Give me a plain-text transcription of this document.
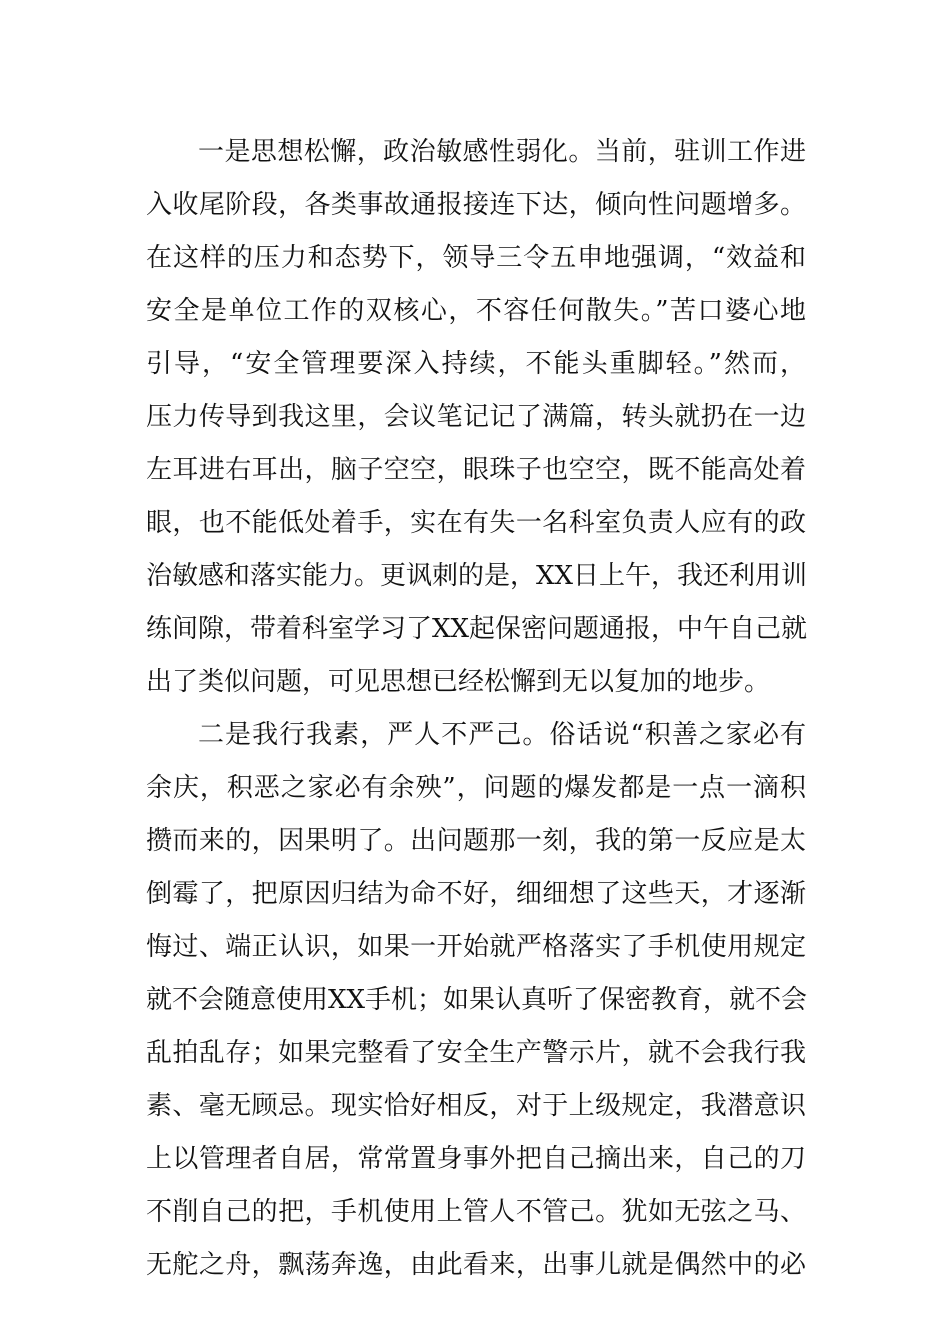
一是思想松懈，政治敏感性弱化。当前，驻训工作进
入收尾阶段，各类事故通报接连下达，倾向性问题增多。
在这样的压力和态势下，领导三令五申地强调，“效益和
安全是单位工作的双核心，不容任何散失。”苦口婆心地
引导，“安全管理要深入持续，不能头重脚轻。”然而，
压力传导到我这里，会议笔记记了满篇，转头就扔在一边
左耳进右耳出，脑子空空，眼珠子也空空，既不能高处着
眼，也不能低处着手，实在有失一名科室负责人应有的政
治敏感和落实能力。更讽刺的是，XX日上午，我还利用训
练间隙，带着科室学习了XX起保密问题通报，中午自己就
出了类似问题，可见思想已经松懈到无以复加的地步。
二是我行我素，严人不严己。俗话说“积善之家必有
余庆，积恶之家必有余殃”，问题的爆发都是一点一滴积
攒而来的，因果明了。出问题那一刻，我的第一反应是太
倒霉了，把原因归结为命不好，细细想了这些天，才逐渐
悔过、端正认识，如果一开始就严格落实了手机使用规定
就不会随意使用XX手机；如果认真听了保密教育，就不会
乱拍乱存；如果完整看了安全生产警示片，就不会我行我
素、毫无顾忌。现实恰好相反，对于上级规定，我潜意识
上以管理者自居，常常置身事外把自己摘出来，自己的刀
不削自己的把，手机使用上管人不管己。犹如无弦之马、
无舵之舟，飘荡奔逸，由此看来，出事儿就是偶然中的必
